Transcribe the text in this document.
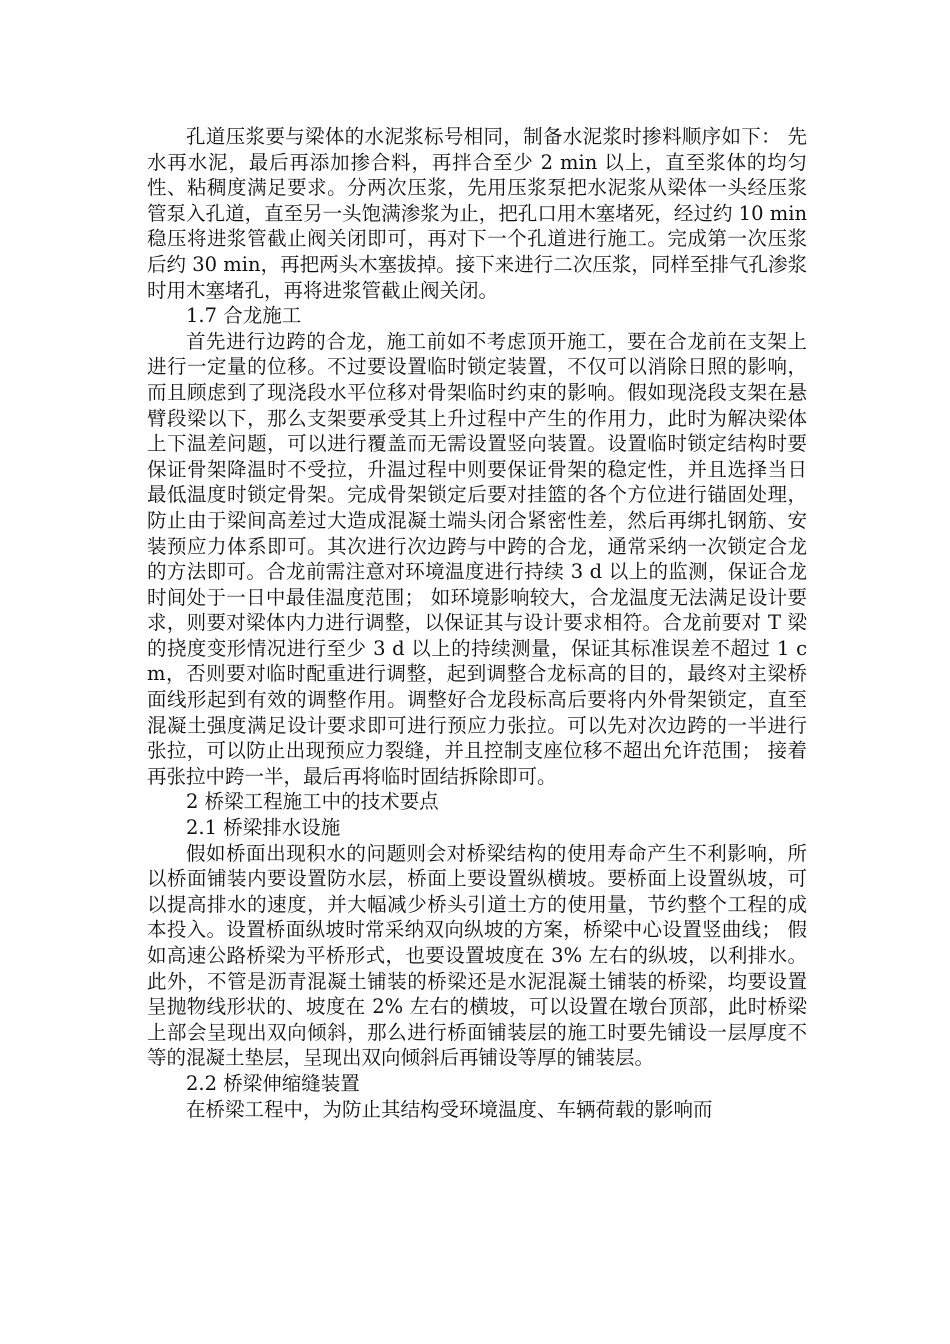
孔道压浆要与梁体的水泥浆标号相同，制备水泥浆时掺料顺序如下： 先水再水泥，最后再添加掺合料，再拌合至少 2 min 以上，直至浆体的均匀性、粘稠度满足要求。分两次压浆，先用压浆泵把水泥浆从梁体一头经压浆管泵入孔道，直至另一头饱满渗浆为止，把孔口用木塞堵死，经过约 10 min 稳压将进浆管截止阀关闭即可，再对下一个孔道进行施工。完成第一次压浆后约 30 min，再把两头木塞拔掉。接下来进行二次压浆，同样至排气孔渗浆时用木塞堵孔，再将进浆管截止阀关闭。

1.7 合龙施工

首先进行边跨的合龙，施工前如不考虑顶开施工，要在合龙前在支架上进行一定量的位移。不过要设置临时锁定装置，不仅可以消除日照的影响，而且顾虑到了现浇段水平位移对骨架临时约束的影响。假如现浇段支架在悬臂段梁以下，那么支架要承受其上升过程中产生的作用力，此时为解决梁体上下温差问题，可以进行覆盖而无需设置竖向装置。设置临时锁定结构时要保证骨架降温时不受拉，升温过程中则要保证骨架的稳定性，并且选择当日最低温度时锁定骨架。完成骨架锁定后要对挂篮的各个方位进行锚固处理，防止由于梁间高差过大造成混凝土端头闭合紧密性差，然后再绑扎钢筋、安装预应力体系即可。其次进行次边跨与中跨的合龙，通常采纳一次锁定合龙的方法即可。合龙前需注意对环境温度进行持续 3 d 以上的监测，保证合龙时间处于一日中最佳温度范围； 如环境影响较大，合龙温度无法满足设计要求，则要对梁体内力进行调整，以保证其与设计要求相符。合龙前要对 T 梁的挠度变形情况进行至少 3 d 以上的持续测量，保证其标准误差不超过 1 cm，否则要对临时配重进行调整，起到调整合龙标高的目的，最终对主梁桥面线形起到有效的调整作用。调整好合龙段标高后要将内外骨架锁定，直至混凝土强度满足设计要求即可进行预应力张拉。可以先对次边跨的一半进行张拉，可以防止出现预应力裂缝，并且控制支座位移不超出允许范围； 接着再张拉中跨一半，最后再将临时固结拆除即可。

2 桥梁工程施工中的技术要点

2.1 桥梁排水设施

假如桥面出现积水的问题则会对桥梁结构的使用寿命产生不利影响，所以桥面铺装内要设置防水层，桥面上要设置纵横坡。要桥面上设置纵坡，可以提高排水的速度，并大幅减少桥头引道土方的使用量，节约整个工程的成本投入。设置桥面纵坡时常采纳双向纵坡的方案，桥梁中心设置竖曲线； 假如高速公路桥梁为平桥形式，也要设置坡度在 3% 左右的纵坡，以利排水。此外，不管是沥青混凝土铺装的桥梁还是水泥混凝土铺装的桥梁，均要设置呈抛物线形状的、坡度在 2% 左右的横坡，可以设置在墩台顶部，此时桥梁上部会呈现出双向倾斜，那么进行桥面铺装层的施工时要先铺设一层厚度不等的混凝土垫层，呈现出双向倾斜后再铺设等厚的铺装层。

2.2 桥梁伸缩缝装置

在桥梁工程中，为防止其结构受环境温度、车辆荷载的影响而
